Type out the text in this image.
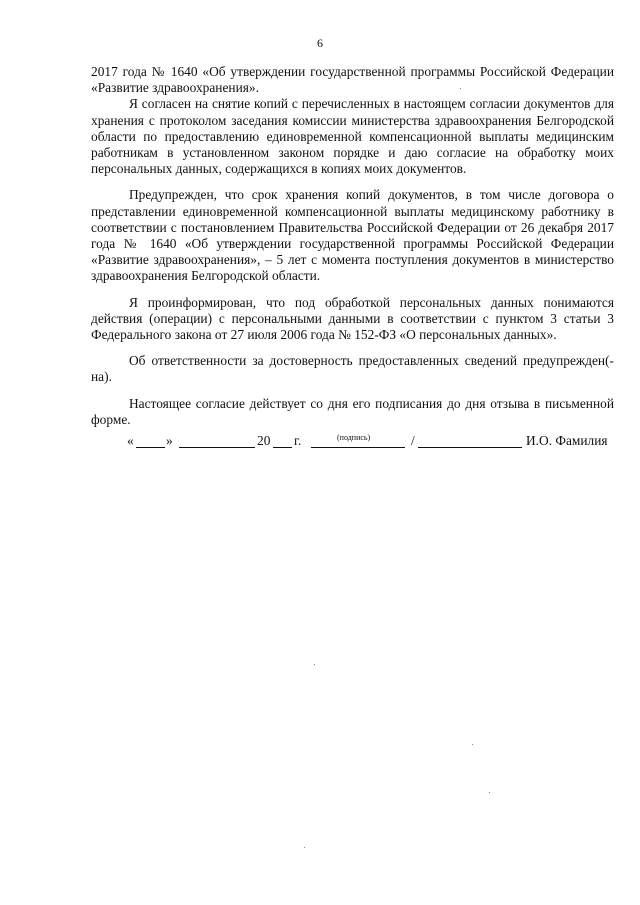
6

2017 года № 1640 «Об утверждении государственной программы Российской Федерации «Развитие здравоохранения».

Я согласен на снятие копий с перечисленных в настоящем согласии документов для хранения с протоколом заседания комиссии министерства здравоохранения Белгородской области по предоставлению единовременной компенсационной выплаты медицинским работникам в установленном законом порядке и даю согласие на обработку моих персональных данных, содержащихся в копиях моих документов.

Предупрежден, что срок хранения копий документов, в том числе договора о представлении единовременной компенсационной выплаты медицинскому работнику в соответствии с постановлением Правительства Российской Федерации от 26 декабря 2017 года № 1640 «Об утверждении государственной программы Российской Федерации «Развитие здравоохранения», – 5 лет с момента поступления документов в министерство здравоохранения Белгородской области.

Я проинформирован, что под обработкой персональных данных понимаются действия (операции) с персональными данными в соответствии с пунктом 3 статьи 3 Федерального закона от 27 июля 2006 года № 152-ФЗ «О персональных данных».

Об ответственности за достоверность предоставленных сведений предупрежден(-на).

Настоящее согласие действует со дня его подписания до дня отзыва в письменной форме.

« »	20 г.	/	И.О. Фамилия
(подпись)
